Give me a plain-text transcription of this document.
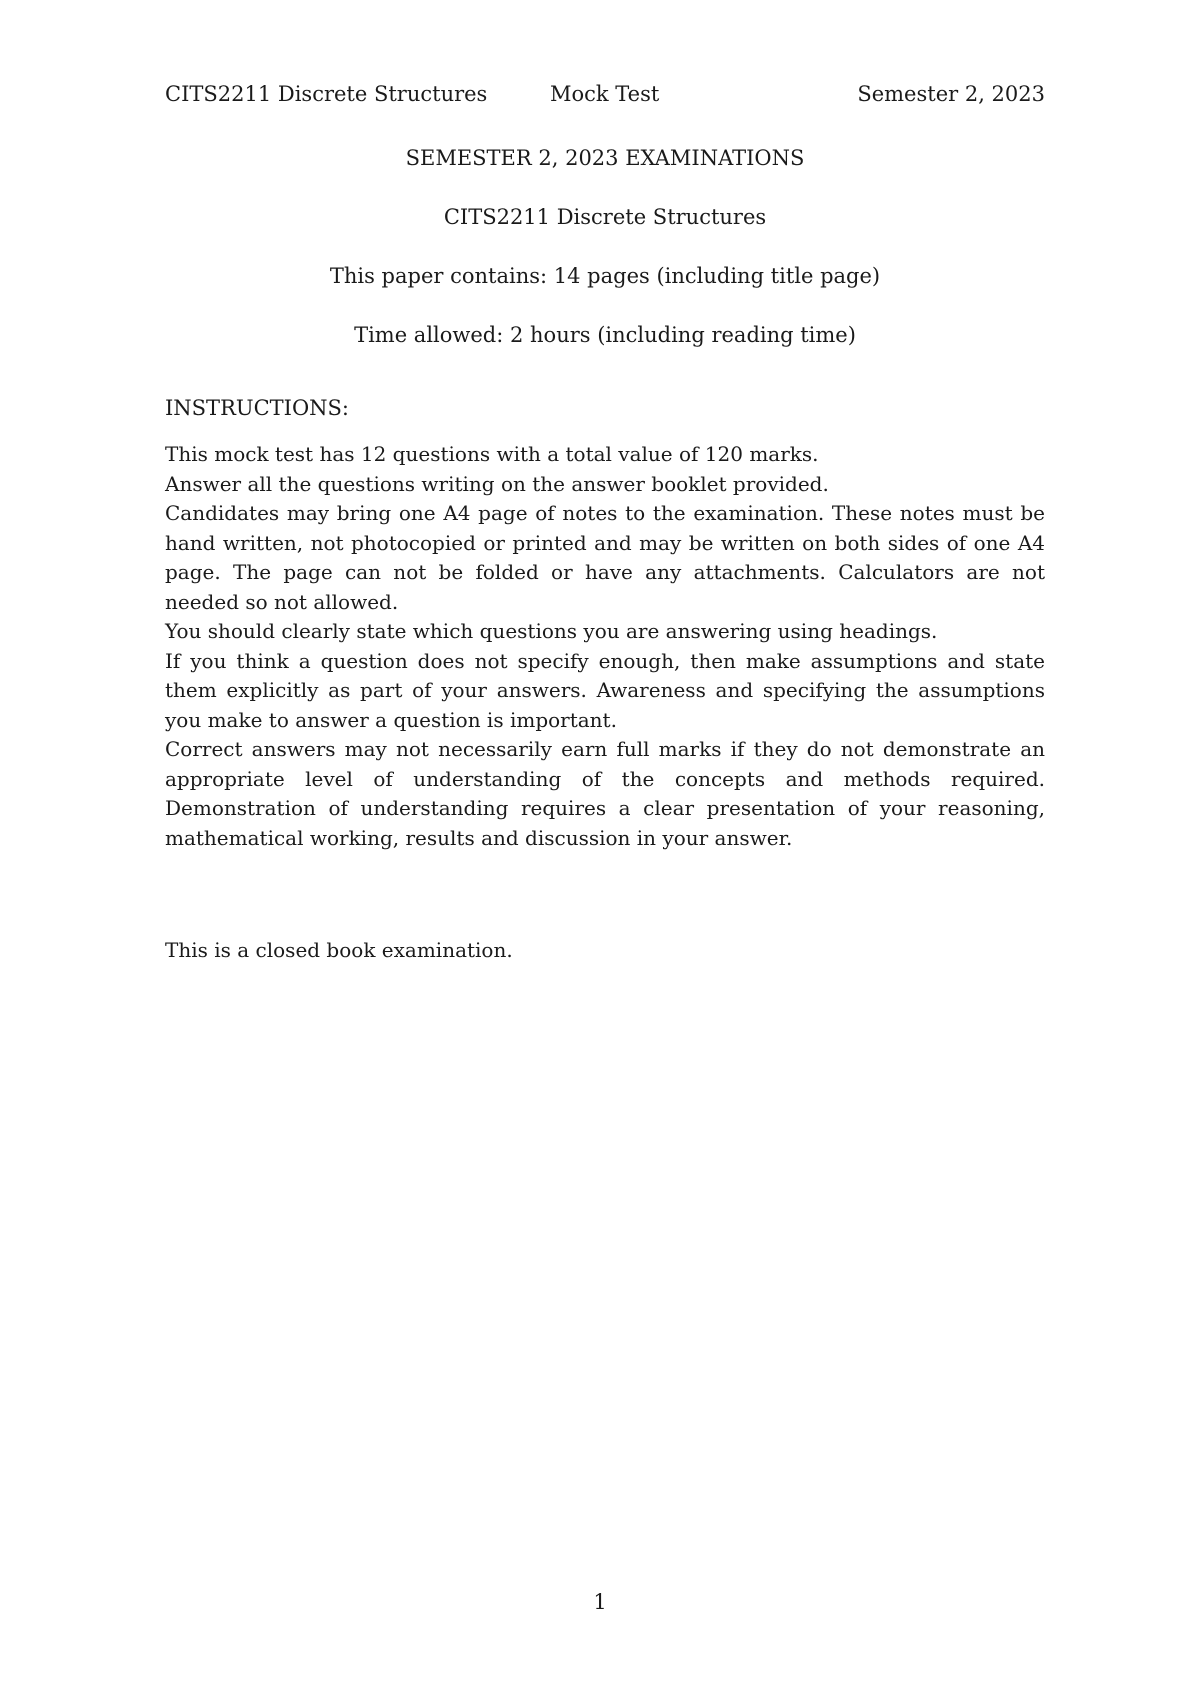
CITS2211 Discrete Structures	Mock Test	Semester 2, 2023
SEMESTER 2, 2023 EXAMINATIONS
CITS2211 Discrete Structures
This paper contains: 14 pages (including title page)
Time allowed: 2 hours (including reading time)
INSTRUCTIONS:

This mock test has 12 questions with a total value of 120 marks.

Answer all the questions writing on the answer booklet provided.

Candidates may bring one A4 page of notes to the examination. These notes must be hand written, not photocopied or printed and may be written on both sides of one A4 page. The page can not be folded or have any attachments. Calculators are not needed so not allowed.

You should clearly state which questions you are answering using headings.

If you think a question does not specify enough, then make assumptions and state them explicitly as part of your answers. Awareness and specifying the assumptions you make to answer a question is important.

Correct answers may not necessarily earn full marks if they do not demonstrate an appropriate level of understanding of the concepts and methods required. Demonstration of understanding requires a clear presentation of your reasoning, mathematical working, results and discussion in your answer.

This is a closed book examination.
1
